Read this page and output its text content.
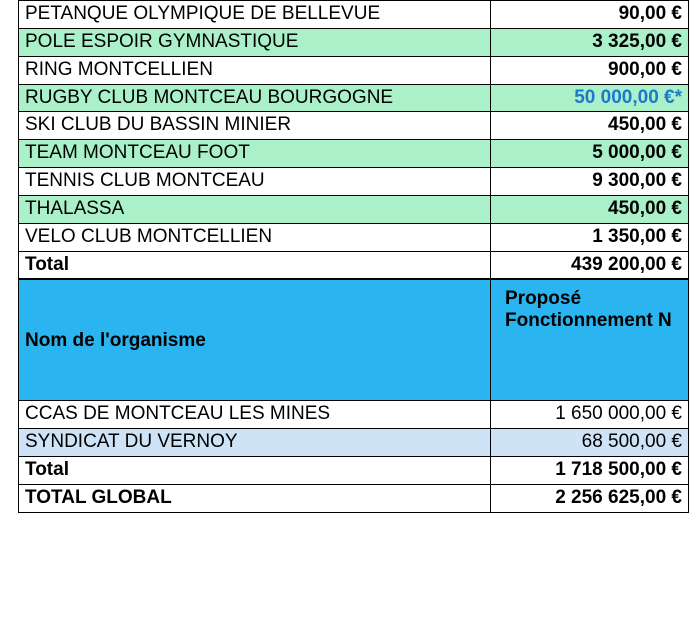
PETANQUE OLYMPIQUE DE BELLEVUE	90,00 €
POLE ESPOIR GYMNASTIQUE	3 325,00 €
RING MONTCELLIEN	900,00 €
RUGBY CLUB MONTCEAU BOURGOGNE	50 000,00 €*
SKI CLUB DU BASSIN MINIER	450,00 €
TEAM MONTCEAU FOOT	5 000,00 €
TENNIS CLUB MONTCEAU	9 300,00 €
THALASSA	450,00 €
VELO CLUB MONTCELLIEN	1 350,00 €
Total	439 200,00 €
Nom de l'organisme	Proposé Fonctionnement N
CCAS DE MONTCEAU LES MINES	1 650 000,00 €
SYNDICAT DU VERNOY	68 500,00 €
Total	1 718 500,00 €
TOTAL GLOBAL	2 256 625,00 €
